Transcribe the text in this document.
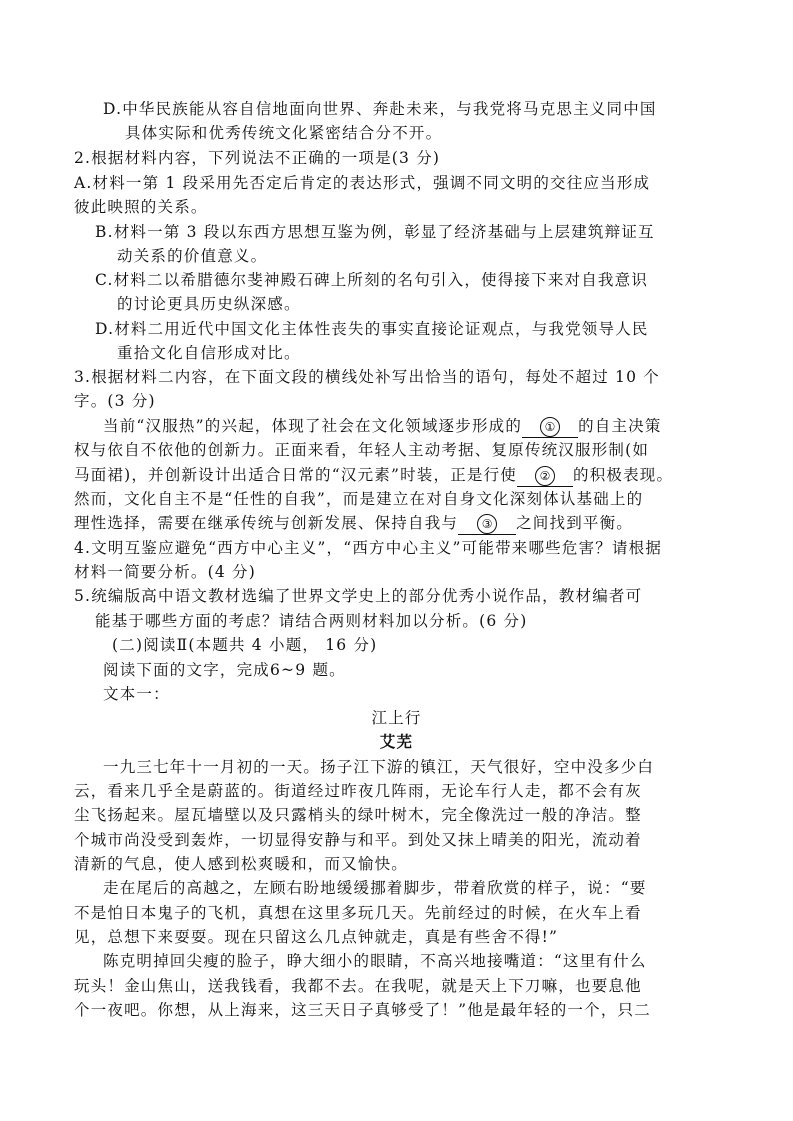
D.中华民族能从容自信地面向世界、奔赴未来，与我党将马克思主义同中国
具体实际和优秀传统文化紧密结合分不开。
2.根据材料内容，下列说法不正确的一项是(3 分)
A.材料一第 1 段采用先否定后肯定的表达形式，强调不同文明的交往应当形成
彼此映照的关系。
B.材料一第 3 段以东西方思想互鉴为例，彰显了经济基础与上层建筑辩证互
动关系的价值意义。
C.材料二以希腊德尔斐神殿石碑上所刻的名句引入，使得接下来对自我意识
的讨论更具历史纵深感。
D.材料二用近代中国文化主体性丧失的事实直接论证观点，与我党领导人民
重拾文化自信形成对比。
3.根据材料二内容，在下面文段的横线处补写出恰当的语句，每处不超过 10 个
字。(3 分)
当前“汉服热”的兴起，体现了社会在文化领域逐步形成的 ① 的自主决策
权与依自不依他的创新力。正面来看，年轻人主动考据、复原传统汉服形制(如
马面裙)，并创新设计出适合日常的“汉元素”时装，正是行使 ② 的积极表现。
然而，文化自主不是“任性的自我”，而是建立在对自身文化深刻体认基础上的
理性选择，需要在继承传统与创新发展、保持自我与 ③ 之间找到平衡。
4.文明互鉴应避免“西方中心主义”，“西方中心主义”可能带来哪些危害？请根据
材料一简要分析。(4 分)
5.统编版高中语文教材选编了世界文学史上的部分优秀小说作品，教材编者可
能基于哪些方面的考虑？请结合两则材料加以分析。(6 分)
(二)阅读Ⅱ(本题共 4 小题， 16 分)
阅读下面的文字，完成6~9 题。
文本一：
江上行
艾芜
一九三七年十一月初的一天。扬子江下游的镇江，天气很好，空中没多少白
云，看来几乎全是蔚蓝的。街道经过昨夜几阵雨，无论车行人走，都不会有灰
尘飞扬起来。屋瓦墙壁以及只露梢头的绿叶树木，完全像洗过一般的净洁。整
个城市尚没受到轰炸，一切显得安静与和平。到处又抹上晴美的阳光，流动着
清新的气息，使人感到松爽暖和，而又愉快。
走在尾后的高越之，左顾右盼地缓缓挪着脚步，带着欣赏的样子，说：“要
不是怕日本鬼子的飞机，真想在这里多玩几天。先前经过的时候，在火车上看
见，总想下来耍耍。现在只留这么几点钟就走，真是有些舍不得!”
陈克明掉回尖瘦的脸子，睁大细小的眼睛，不高兴地接嘴道：“这里有什么
玩头！金山焦山，送我钱看，我都不去。在我呢，就是天上下刀嘛，也要息他
个一夜吧。你想，从上海来，这三天日子真够受了！”他是最年轻的一个，只二
